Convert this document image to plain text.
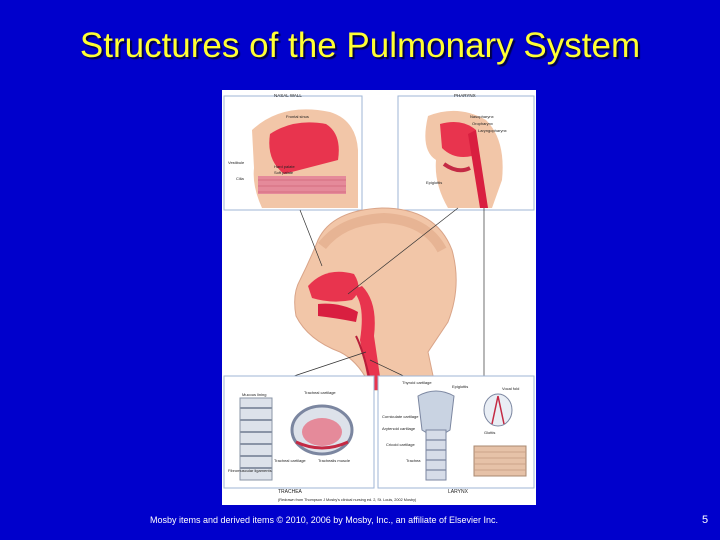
Structures of the Pulmonary System
NASAL WALL	PHARYNX
Frontal sinus
Vestibule
Hard palate
Soft palate
Cilia
Nasopharynx
Oropharynx
Laryngopharynx
Epiglottis
Mucous lining	Tracheal cartilage
Tracheal cartilage	Trachealis muscle
Fibromuscular ligaments
Thyroid cartilage
Epiglottis
Corniculate cartilage
Arytenoid cartilage
Cricoid cartilage
Trachea
Vocal fold
Glottis
TRACHEA	LARYNX
(Redrawn from Thompson J Mosby's clinical nursing ed. 2, St. Louis, 2002 Mosby)
Mosby items and derived items © 2010, 2006 by Mosby, Inc., an affiliate of Elsevier Inc.	5
